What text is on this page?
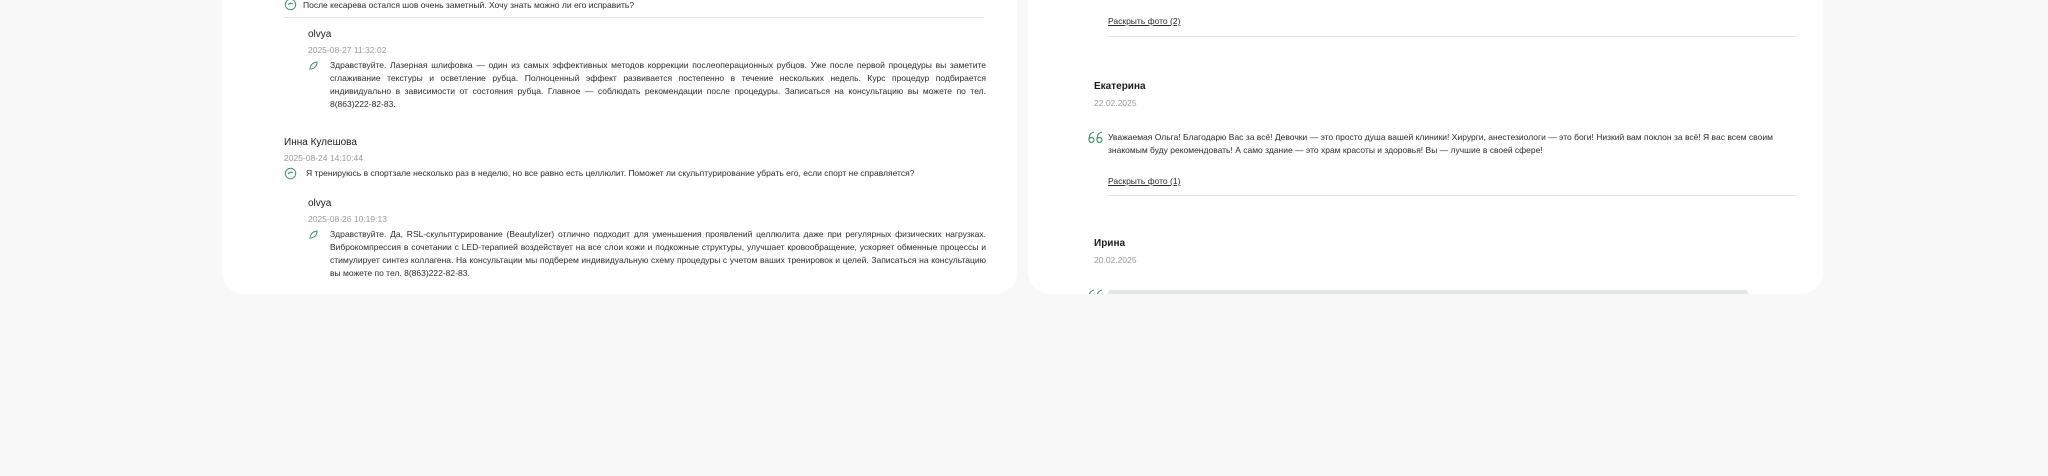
После кесарева остался шов очень заметный. Хочу знать можно ли его исправить?
olvya
2025-08-27 11:32:02
Здравствуйте. Лазерная шлифовка — один из самых эффективных методов коррекции послеоперационных рубцов. Уже после первой процедуры вы заметите сглаживание текстуры и осветление рубца. Полноценный эффект развивается постепенно в течение нескольких недель. Курс процедур подбирается индивидуально в зависимости от состояния рубца. Главное — соблюдать рекомендации после процедуры. Записаться на консультацию вы можете по тел. 8(863)222-82-83.
Инна Кулешова
2025-08-24 14:10:44
Я тренируюсь в спортзале несколько раз в неделю, но все равно есть целлюлит. Поможет ли скульптурирование убрать его, если спорт не справляется?
olvya
2025-08-26 10:19:13
Здравствуйте. Да, RSL-скульптурирование (Beautylizer) отлично подходит для уменьшения проявлений целлюлита даже при регулярных физических нагрузках. Виброкомпрессия в сочетании с LED-терапией воздействует на все слои кожи и подкожные структуры, улучшает кровообращение, ускоряет обменные процессы и стимулирует синтез коллагена. На консультации мы подберем индивидуальную схему процедуры с учетом ваших тренировок и целей. Записаться на консультацию вы можете по тел. 8(863)222-82-83.
Раскрыть фото (2)
Екатерина
22.02.2025
Уважаемая Ольга! Благодарю Вас за всё! Девочки — это просто душа вашей клиники! Хирурги, анестезиологи — это боги! Низкий вам поклон за всё! Я вас всем своим знакомым буду рекомендовать! А само здание — это храм красоты и здоровья! Вы — лучшие в своей сфере!
Раскрыть фото (1)
Ирина
20.02.2025
